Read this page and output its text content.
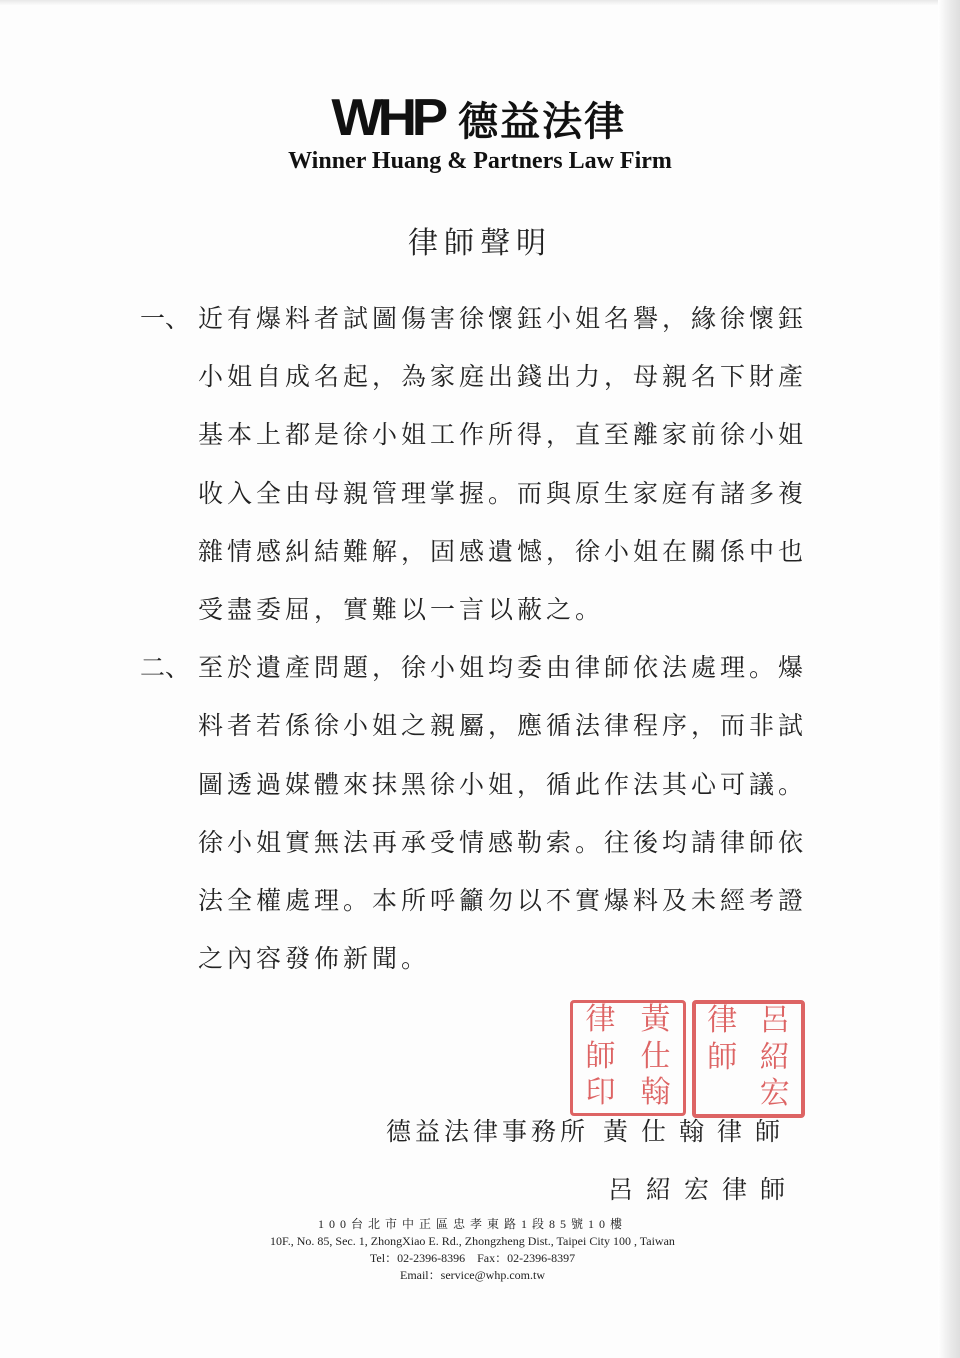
WHP 德益法律
Winner Huang & Partners Law Firm
律師聲明
一、 近有爆料者試圖傷害徐懷鈺小姐名譽，緣徐懷鈺
小姐自成名起，為家庭出錢出力，母親名下財產
基本上都是徐小姐工作所得，直至離家前徐小姐
收入全由母親管理掌握。而與原生家庭有諸多複
雜情感糾結難解，固感遺憾，徐小姐在關係中也
受盡委屈，實難以一言以蔽之。
二、 至於遺產問題，徐小姐均委由律師依法處理。爆
料者若係徐小姐之親屬，應循法律程序，而非試
圖透過媒體來抹黑徐小姐，循此作法其心可議。
徐小姐實無法再承受情感勒索。往後均請律師依
法全權處理。本所呼籲勿以不實爆料及未經考證
之內容發佈新聞。
黃
仕
翰
律
師
印
呂
紹
宏
律
師
德益法律事務所 黃仕翰律師
呂紹宏律師
100台北市中正區忠孝東路1段85號10樓
10F., No. 85, Sec. 1, ZhongXiao E. Rd., Zhongzheng Dist., Taipei City 100 , Taiwan
Tel：02-2396-8396 Fax：02-2396-8397
Email：service@whp.com.tw
